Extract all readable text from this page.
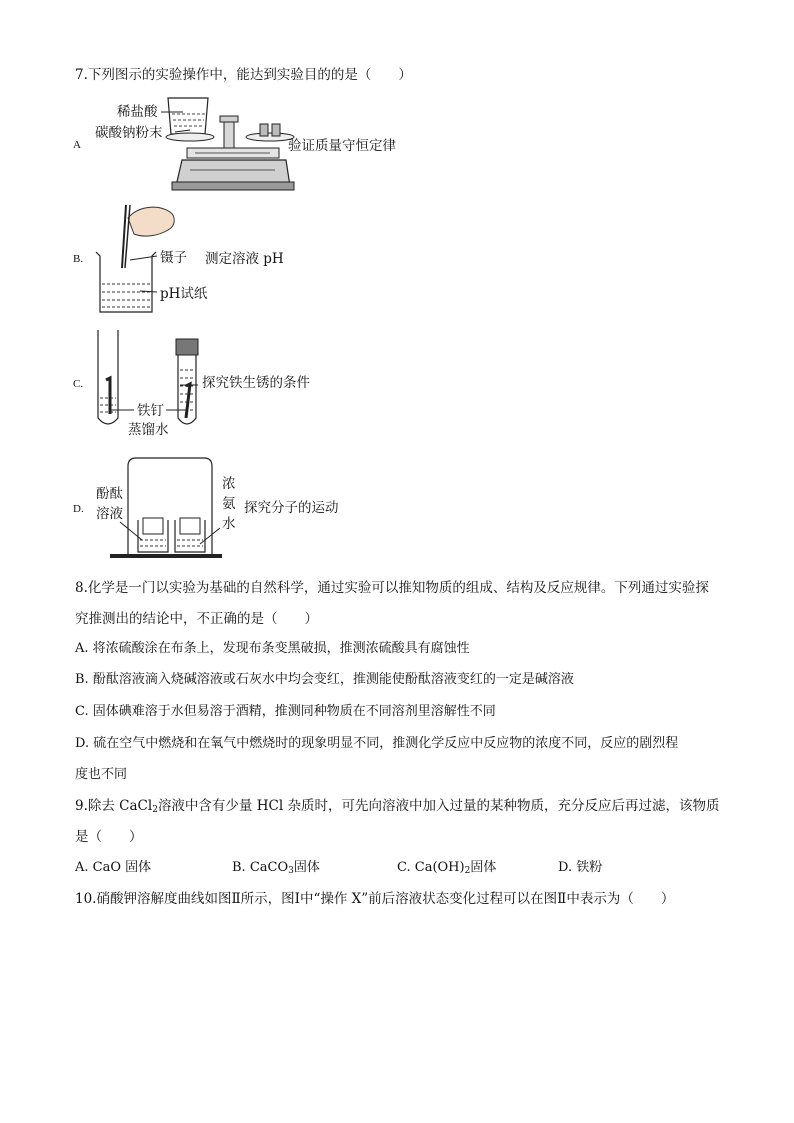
7.下列图示的实验操作中，能达到实验目的的是（　　）
A
稀盐酸
碳酸钠粉末
验证质量守恒定律
B.	镊子 测定溶液 pH
pH试纸
C.	探究铁生锈的条件
铁钉
蒸馏水
D.
酚酞
溶液
浓
氨
水
探究分子的运动
8.化学是一门以实验为基础的自然科学，通过实验可以推知物质的组成、结构及反应规律。下列通过实验探
究推测出的结论中，不正确的是（　　）
A. 将浓硫酸涂在布条上，发现布条变黑破损，推测浓硫酸具有腐蚀性
B. 酚酞溶液滴入烧碱溶液或石灰水中均会变红，推测能使酚酞溶液变红的一定是碱溶液
C. 固体碘难溶于水但易溶于酒精，推测同种物质在不同溶剂里溶解性不同
D. 硫在空气中燃烧和在氧气中燃烧时的现象明显不同，推测化学反应中反应物的浓度不同，反应的剧烈程
度也不同
9.除去 CaCl$_2$溶液中含有少量 HCl 杂质时，可先向溶液中加入过量的某种物质，充分反应后再过滤，该物质
是（　　）
A. CaO 固体	B. CaCO$_3$固体	C. $Ca(OH)_2$固体	D. 铁粉
10.硝酸钾溶解度曲线如图Ⅱ所示，图Ⅰ中“操作 X”前后溶液状态变化过程可以在图Ⅱ中表示为（　　）
